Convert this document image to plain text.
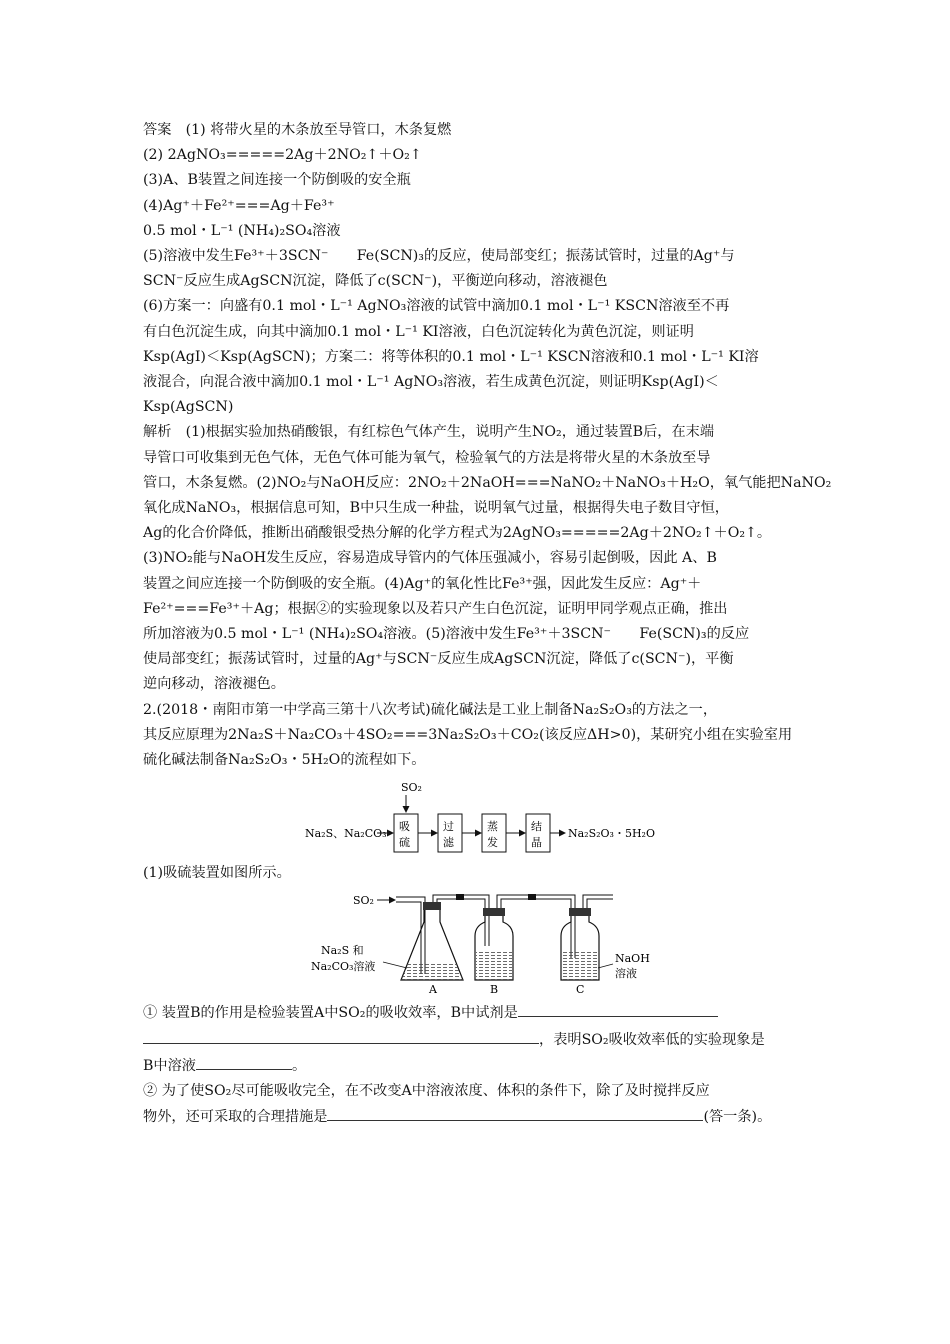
答案　(1) 将带火星的木条放至导管口，木条复燃
(2) 2AgNO₃=====2Ag＋2NO₂↑＋O₂↑
(3)A、B装置之间连接一个防倒吸的安全瓶
(4)Ag⁺＋Fe²⁺===Ag＋Fe³⁺
0.5 mol・L⁻¹ (NH₄)₂SO₄溶液
(5)溶液中发生Fe³⁺＋3SCN⁻　　Fe(SCN)₃的反应，使局部变红；振荡试管时，过量的Ag⁺与
SCN⁻反应生成AgSCN沉淀，降低了c(SCN⁻)，平衡逆向移动，溶液褪色
(6)方案一：向盛有0.1 mol・L⁻¹ AgNO₃溶液的试管中滴加0.1 mol・L⁻¹ KSCN溶液至不再
有白色沉淀生成，向其中滴加0.1 mol・L⁻¹ KI溶液，白色沉淀转化为黄色沉淀，则证明
Ksp(AgI)＜Ksp(AgSCN)；方案二：将等体积的0.1 mol・L⁻¹ KSCN溶液和0.1 mol・L⁻¹ KI溶
液混合，向混合液中滴加0.1 mol・L⁻¹ AgNO₃溶液，若生成黄色沉淀，则证明Ksp(AgI)＜
Ksp(AgSCN)
解析　(1)根据实验加热硝酸银，有红棕色气体产生，说明产生NO₂，通过装置B后，在末端
导管口可收集到无色气体，无色气体可能为氧气，检验氧气的方法是将带火星的木条放至导
管口，木条复燃。(2)NO₂与NaOH反应：2NO₂＋2NaOH===NaNO₂＋NaNO₃＋H₂O，氧气能把NaNO₂
氧化成NaNO₃，根据信息可知，B中只生成一种盐，说明氧气过量，根据得失电子数目守恒，
Ag的化合价降低，推断出硝酸银受热分解的化学方程式为2AgNO₃=====2Ag＋2NO₂↑＋O₂↑。
(3)NO₂能与NaOH发生反应，容易造成导管内的气体压强减小，容易引起倒吸，因此 A、B
装置之间应连接一个防倒吸的安全瓶。(4)Ag⁺的氧化性比Fe³⁺强，因此发生反应：Ag⁺＋
Fe²⁺===Fe³⁺＋Ag；根据②的实验现象以及若只产生白色沉淀，证明甲同学观点正确，推出
所加溶液为0.5 mol・L⁻¹ (NH₄)₂SO₄溶液。(5)溶液中发生Fe³⁺＋3SCN⁻　　Fe(SCN)₃的反应
使局部变红；振荡试管时，过量的Ag⁺与SCN⁻反应生成AgSCN沉淀，降低了c(SCN⁻)，平衡
逆向移动，溶液褪色。
2.(2018・南阳市第一中学高三第十八次考试)硫化碱法是工业上制备Na₂S₂O₃的方法之一，
其反应原理为2Na₂S＋Na₂CO₃＋4SO₂===3Na₂S₂O₃＋CO₂(该反应ΔH>0)，某研究小组在实验室用
硫化碱法制备Na₂S₂O₃・5H₂O的流程如下。
SO₂
Na₂S、Na₂CO₃
吸
硫
过
滤
蒸
发
结
晶
Na₂S₂O₃・5H₂O
(1)吸硫装置如图所示。
SO₂
A
Na₂S 和
Na₂CO₃溶液
B	C
NaOH
溶液
① 装置B的作用是检验装置A中SO₂的吸收效率，B中试剂是
，表明SO₂吸收效率低的实验现象是
B中溶液	。
② 为了使SO₂尽可能吸收完全，在不改变A中溶液浓度、体积的条件下，除了及时搅拌反应
物外，还可采取的合理措施是	(答一条)。
